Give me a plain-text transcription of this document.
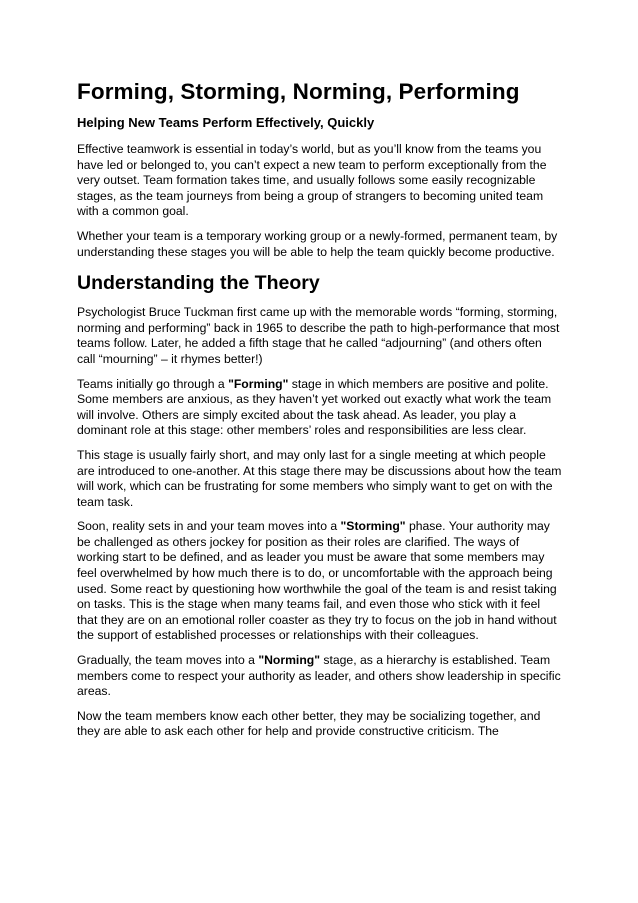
Forming, Storming, Norming, Performing
Helping New Teams Perform Effectively, Quickly

Effective teamwork is essential in today’s world, but as you’ll know from the teams you have led or belonged to, you can’t expect a new team to perform exceptionally from the very outset. Team formation takes time, and usually follows some easily recognizable stages, as the team journeys from being a group of strangers to becoming united team with a common goal.

Whether your team is a temporary working group or a newly-formed, permanent team, by understanding these stages you will be able to help the team quickly become productive.

Understanding the Theory

Psychologist Bruce Tuckman first came up with the memorable words “forming, storming, norming and performing” back in 1965 to describe the path to high-performance that most teams follow. Later, he added a fifth stage that he called “adjourning” (and others often call “mourning” – it rhymes better!)

Teams initially go through a "Forming" stage in which members are positive and polite. Some members are anxious, as they haven’t yet worked out exactly what work the team will involve. Others are simply excited about the task ahead. As leader, you play a dominant role at this stage: other members’ roles and responsibilities are less clear.

This stage is usually fairly short, and may only last for a single meeting at which people are introduced to one-another. At this stage there may be discussions about how the team will work, which can be frustrating for some members who simply want to get on with the team task.

Soon, reality sets in and your team moves into a "Storming" phase. Your authority may be challenged as others jockey for position as their roles are clarified. The ways of working start to be defined, and as leader you must be aware that some members may feel overwhelmed by how much there is to do, or uncomfortable with the approach being used. Some react by questioning how worthwhile the goal of the team is and resist taking on tasks. This is the stage when many teams fail, and even those who stick with it feel that they are on an emotional roller coaster as they try to focus on the job in hand without the support of established processes or relationships with their colleagues.

Gradually, the team moves into a "Norming" stage, as a hierarchy is established. Team members come to respect your authority as leader, and others show leadership in specific areas.

Now the team members know each other better, they may be socializing together, and they are able to ask each other for help and provide constructive criticism. The
